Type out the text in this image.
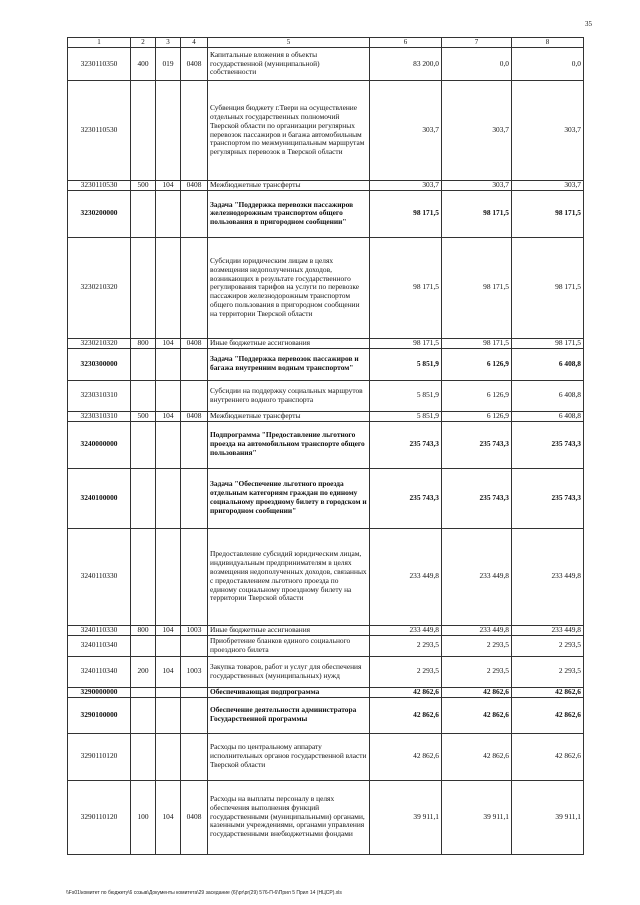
35
1	2	3	4	5	6	7	8
3230110350	400	019	0408	Капитальные вложения в объекты государственной (муниципальной) собственности	83 200,0	0,0	0,0
3230110530				Субвенция бюджету г.Твери на осуществление отдельных государственных полномочий Тверской области по организации регулярных перевозок пассажиров и багажа автомобильным транспортом по межмуниципальным маршрутам регулярных перевозок в Тверской области	303,7	303,7	303,7
3230110530	500	104	0408	Межбюджетные трансферты	303,7	303,7	303,7
3230200000				Задача "Поддержка перевозки пассажиров железнодорожным транспортом общего пользования в пригородном сообщении"	98 171,5	98 171,5	98 171,5
3230210320				Субсидии юридическим лицам в целях возмещения недополученных доходов, возникающих в результате государственного регулирования тарифов на услуги по перевозке пассажиров железнодорожным транспортом общего пользования в пригородном сообщении на территории Тверской области	98 171,5	98 171,5	98 171,5
3230210320	800	104	0408	Иные бюджетные ассигнования	98 171,5	98 171,5	98 171,5
3230300000				Задача "Поддержка перевозок пассажиров и багажа внутренним водным транспортом"	5 851,9	6 126,9	6 408,8
3230310310				Субсидии на поддержку социальных маршрутов внутреннего водного транспорта	5 851,9	6 126,9	6 408,8
3230310310	500	104	0408	Межбюджетные трансферты	5 851,9	6 126,9	6 408,8
3240000000				Подпрограмма "Предоставление льготного проезда на автомобильном транспорте общего пользования"	235 743,3	235 743,3	235 743,3
3240100000				Задача "Обеспечение льготного проезда отдельным категориям граждан по единому социальному проездному билету в городском и пригородном сообщении"	235 743,3	235 743,3	235 743,3
3240110330				Предоставление субсидий юридическим лицам, индивидуальным предпринимателям в целях возмещения недополученных доходов, связанных с предоставлением льготного проезда по единому социальному проездному билету на территории Тверской области	233 449,8	233 449,8	233 449,8
3240110330	800	104	1003	Иные бюджетные ассигнования	233 449,8	233 449,8	233 449,8
3240110340				Приобретение бланков единого социального проездного билета	2 293,5	2 293,5	2 293,5
3240110340	200	104	1003	Закупка товаров, работ и услуг для обеспечения государственных (муниципальных) нужд	2 293,5	2 293,5	2 293,5
3290000000				Обеспечивающая подпрограмма	42 862,6	42 862,6	42 862,6
3290100000				Обеспечение деятельности администратора Государственной программы	42 862,6	42 862,6	42 862,6
3290110120				Расходы по центральному аппарату исполнительных органов государственной власти Тверской области	42 862,6	42 862,6	42 862,6
3290110120	100	104	0408	Расходы на выплаты персоналу в целях обеспечения выполнения функций государственными (муниципальными) органами, казенными учреждениями, органами управления государственными внебюджетными фондами	39 911,1	39 911,1	39 911,1
\\Fs01\комитет по бюджету\6 созыв\Документы комитета\29 заседание (6)\pr\pr(29) 576-П-6\Прил 5 Прил 14 (НЦСР).xls
